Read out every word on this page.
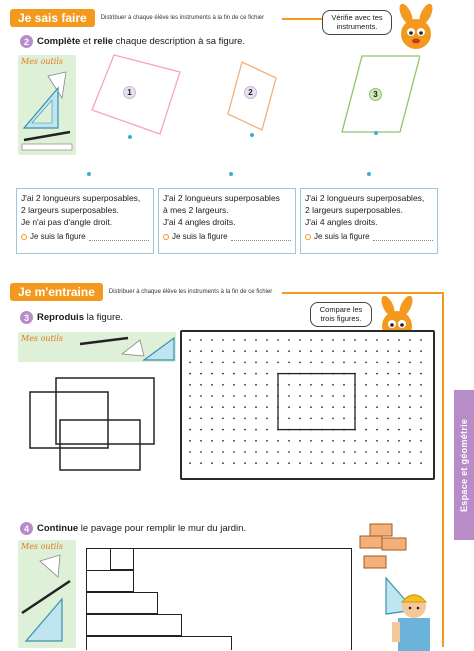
Je sais faire	Distribuer à chaque élève les instruments à la fin de ce fichier	Vérifie avec tes instruments.
2 Complète et relie chaque description à sa figure.
Mes outils
1	2	3
J'ai 2 longueurs superposables,
2 largeurs superposables.
Je n'ai pas d'angle droit.
Je suis la figure
J'ai 2 longueurs superposables
à mes 2 largeurs.
J'ai 4 angles droits.
Je suis la figure
J'ai 2 longueurs superposables,
2 largeurs superposables.
J'ai 4 angles droits.
Je suis la figure
Je m'entraine	Distribuer à chaque élève les instruments à la fin de ce fichier
Compare les trois figures.
3 Reproduis la figure.
Mes outils
4 Continue le pavage pour remplir le mur du jardin.
Mes outils
Espace et géométrie
